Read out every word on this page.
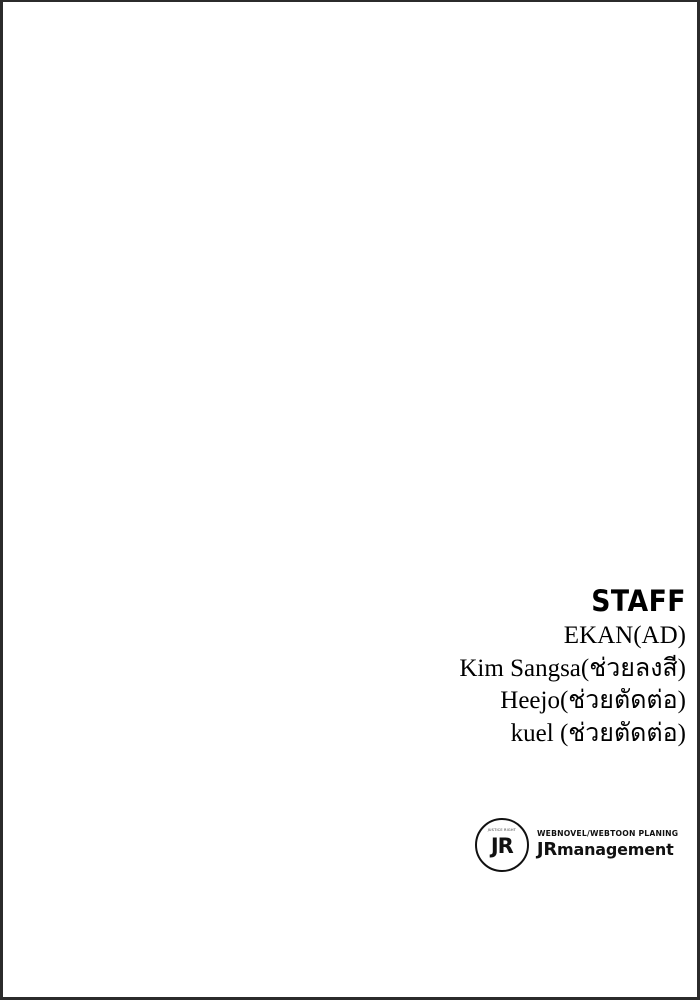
STAFF
EKAN(AD)
Kim Sangsa(ช่วยลงสี)
Heejo(ช่วยตัดต่อ)
kuel (ช่วยตัดต่อ)
JUSTICE RIGHT
JR
WEBNOVEL/WEBTOON PLANING
JRmanagement
